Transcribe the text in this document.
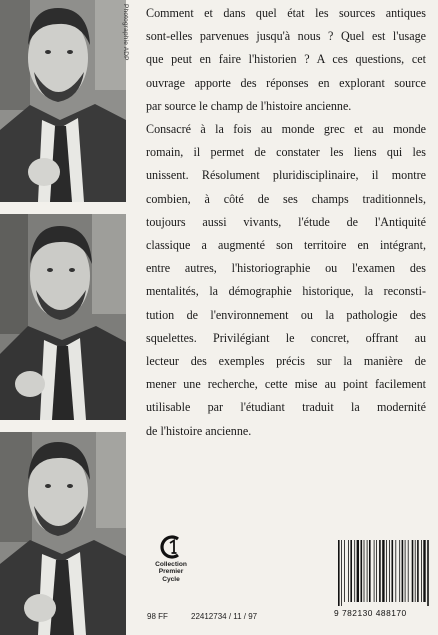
Photographie ADP Comment et dans quel état les sources antiques
sont-elles parvenues jusqu'à nous ? Quel est l'usage
que peut en faire l'historien ? A ces questions, cet
ouvrage apporte des réponses en explorant source
par source le champ de l'histoire ancienne.
Consacré à la fois au monde grec et au monde
romain, il permet de constater les liens qui les
unissent. Résolument pluridisciplinaire, il montre
combien, à côté de ses champs traditionnels,
toujours aussi vivants, l'étude de l'Antiquité
classique a augmenté son territoire en intégrant,
entre autres, l'historiographie ou l'examen des
mentalités, la démographie historique, la reconsti-
tution de l'environnement ou la pathologie des
squelettes. Privilégiant le concret, offrant au
lecteur des exemples précis sur la manière de
mener une recherche, cette mise au point facilement
utilisable par l'étudiant traduit la modernité
de l'histoire ancienne.
Collection
Premier
Cycle
98 FF	22412734 / 11 / 97	9 782130 488170
